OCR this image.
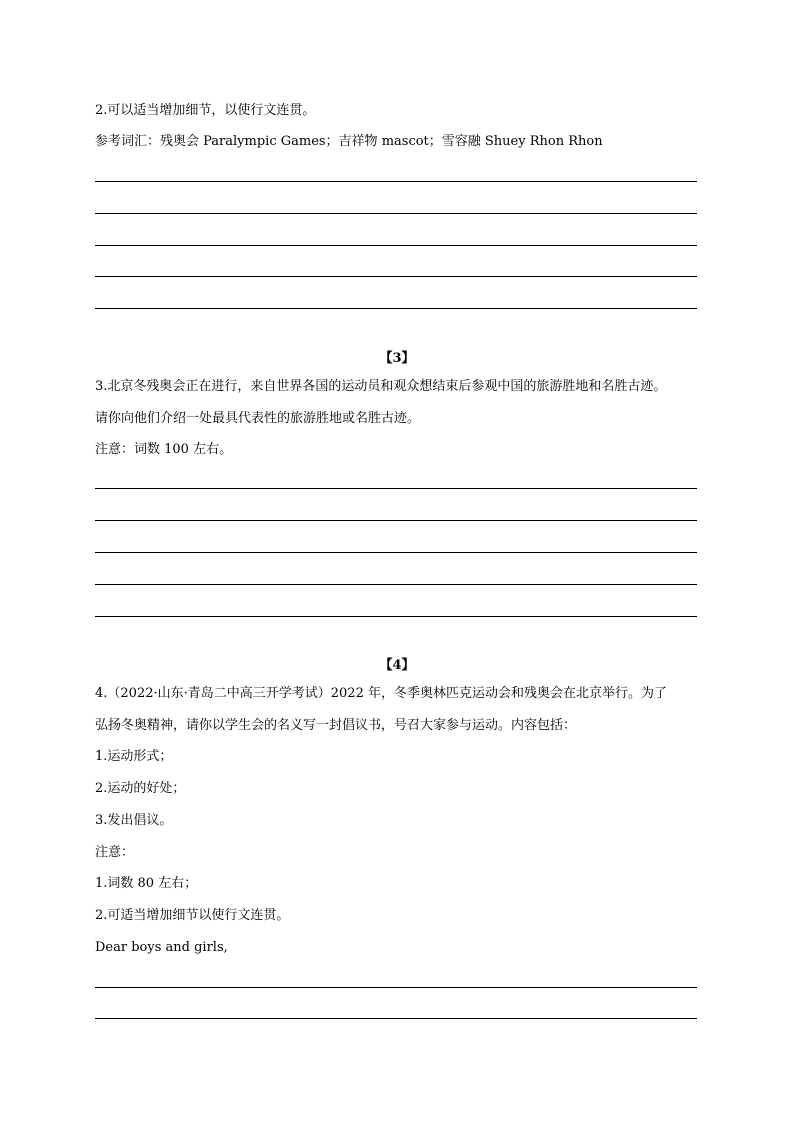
2.可以适当增加细节，以使行文连贯。
参考词汇：残奥会 Paralympic Games；吉祥物 mascot；雪容融 Shuey Rhon Rhon
【3】
3.北京冬残奥会正在进行，来自世界各国的运动员和观众想结束后参观中国的旅游胜地和名胜古迹。
请你向他们介绍一处最具代表性的旅游胜地或名胜古迹。
注意：词数 100 左右。
【4】
4.（2022·山东·青岛二中高三开学考试）2022 年，冬季奥林匹克运动会和残奥会在北京举行。为了
弘扬冬奥精神，请你以学生会的名义写一封倡议书，号召大家参与运动。内容包括：
1.运动形式；
2.运动的好处；
3.发出倡议。
注意：
1.词数 80 左右；
2.可适当增加细节以使行文连贯。
Dear boys and girls,
